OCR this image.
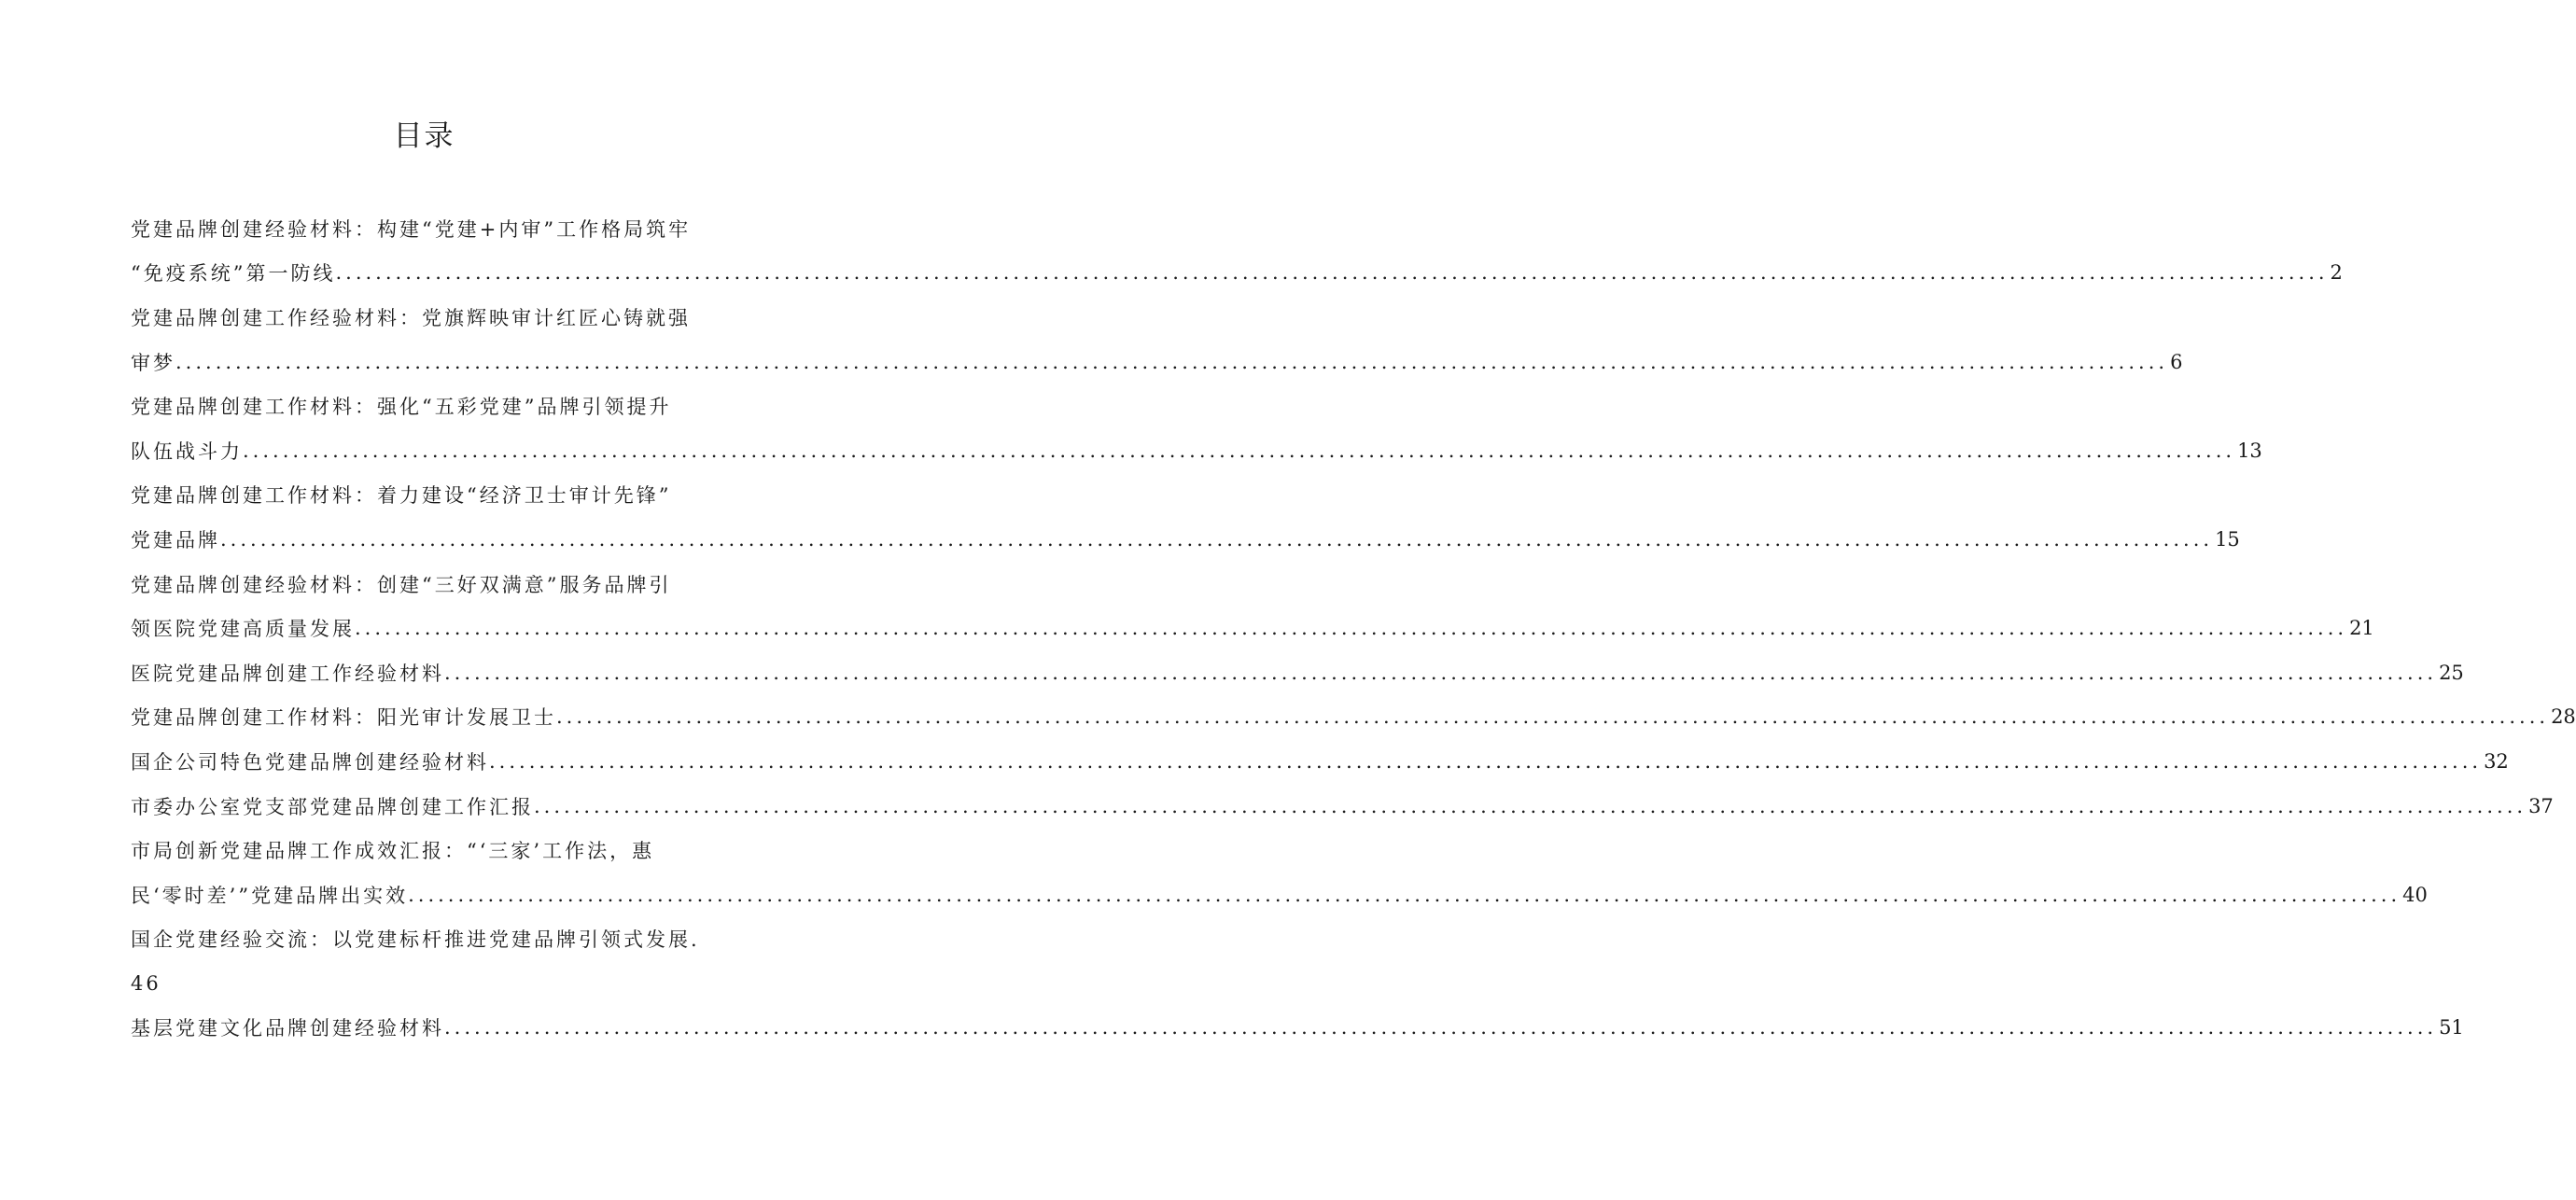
目录
党建品牌创建经验材料：构建“党建+内审”工作格局筑牢
“免疫系统”第一防线 ........................................................................................................................................................................................................ 2
党建品牌创建工作经验材料：党旗辉映审计红匠心铸就强
审梦 ........................................................................................................................................................................................................ 6
党建品牌创建工作材料：强化“五彩党建”品牌引领提升
队伍战斗力 ........................................................................................................................................................................................................ 13
党建品牌创建工作材料：着力建设“经济卫士审计先锋”
党建品牌 ........................................................................................................................................................................................................ 15
党建品牌创建经验材料：创建“三好双满意”服务品牌引
领医院党建高质量发展 ........................................................................................................................................................................................................ 21
医院党建品牌创建工作经验材料 ........................................................................................................................................................................................................ 25
党建品牌创建工作材料：阳光审计发展卫士 ........................................................................................................................................................................................................ 28
国企公司特色党建品牌创建经验材料 ........................................................................................................................................................................................................ 32
市委办公室党支部党建品牌创建工作汇报 ........................................................................................................................................................................................................ 37
市局创新党建品牌工作成效汇报：“‘三家’工作法，惠
民‘零时差’”党建品牌出实效 ........................................................................................................................................................................................................ 40
国企党建经验交流：以党建标杆推进党建品牌引领式发展.
46
基层党建文化品牌创建经验材料 ........................................................................................................................................................................................................ 51
